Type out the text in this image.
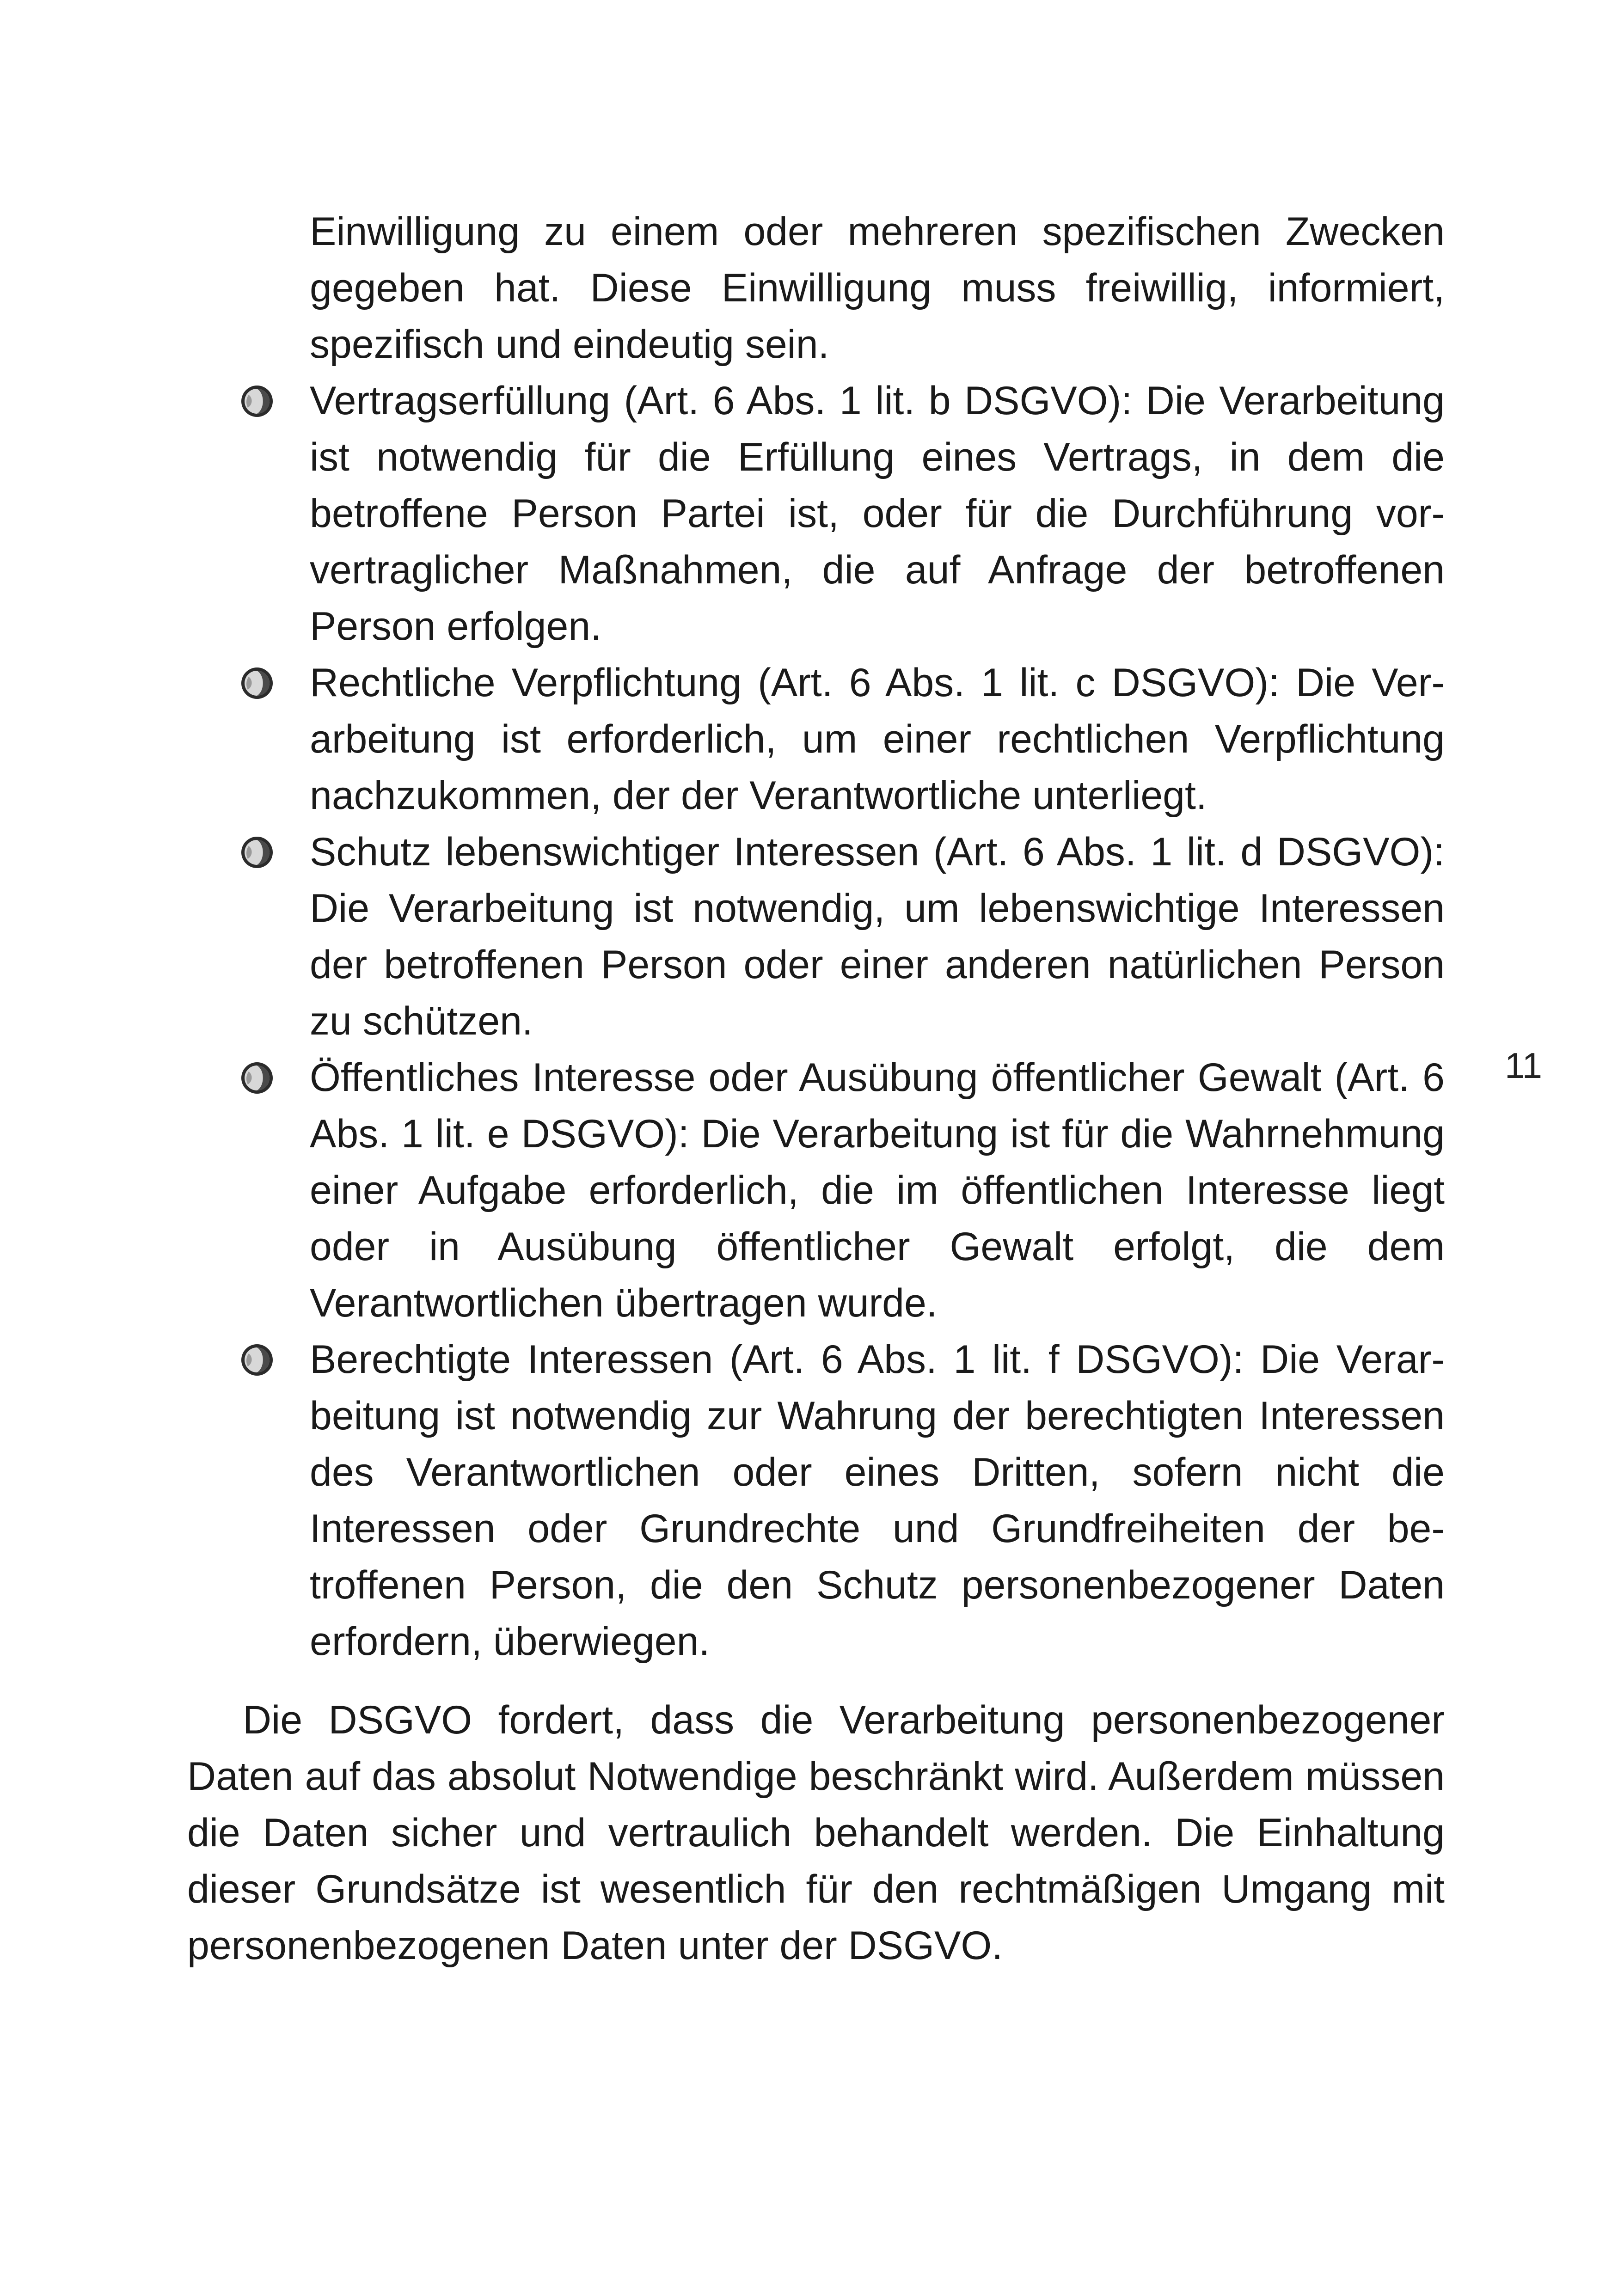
Einwilligung zu einem oder mehreren spezifischen Zwecken gegeben hat. Diese Einwilligung muss freiwillig, informiert, spezifisch und eindeutig sein.
Vertragserfüllung (Art. 6 Abs. 1 lit. b DSGVO): Die Verarbeitung ist notwendig für die Erfüllung eines Vertrags, in dem die betroffene Person Partei ist, oder für die Durchführung vorvertraglicher Maßnahmen, die auf Anfrage der betroffenen Person erfolgen.
Rechtliche Verpflichtung (Art. 6 Abs. 1 lit. c DSGVO): Die Verarbeitung ist erforderlich, um einer rechtlichen Verpflichtung nachzukommen, der der Verantwortliche unterliegt.
Schutz lebenswichtiger Interessen (Art. 6 Abs. 1 lit. d DSGVO): Die Verarbeitung ist notwendig, um lebenswichtige Interessen der betroffenen Person oder einer anderen natürlichen Person zu schützen.
Öffentliches Interesse oder Ausübung öffentlicher Gewalt (Art. 6 Abs. 1 lit. e DSGVO): Die Verarbeitung ist für die Wahrnehmung einer Aufgabe erforderlich, die im öffentlichen Interesse liegt oder in Ausübung öffentlicher Gewalt erfolgt, die dem Verantwortlichen übertragen wurde.
Berechtigte Interessen (Art. 6 Abs. 1 lit. f DSGVO): Die Verarbeitung ist notwendig zur Wahrung der berechtigten Interessen des Verantwortlichen oder eines Dritten, sofern nicht die Interessen oder Grundrechte und Grundfreiheiten der betroffenen Person, die den Schutz personenbezogener Daten erfordern, überwiegen.

Die DSGVO fordert, dass die Verarbeitung personenbezogener Daten auf das absolut Notwendige beschränkt wird. Außerdem müssen die Daten sicher und vertraulich behandelt werden. Die Einhaltung dieser Grundsätze ist wesentlich für den rechtmäßigen Umgang mit personenbezogenen Daten unter der DSGVO.

11
